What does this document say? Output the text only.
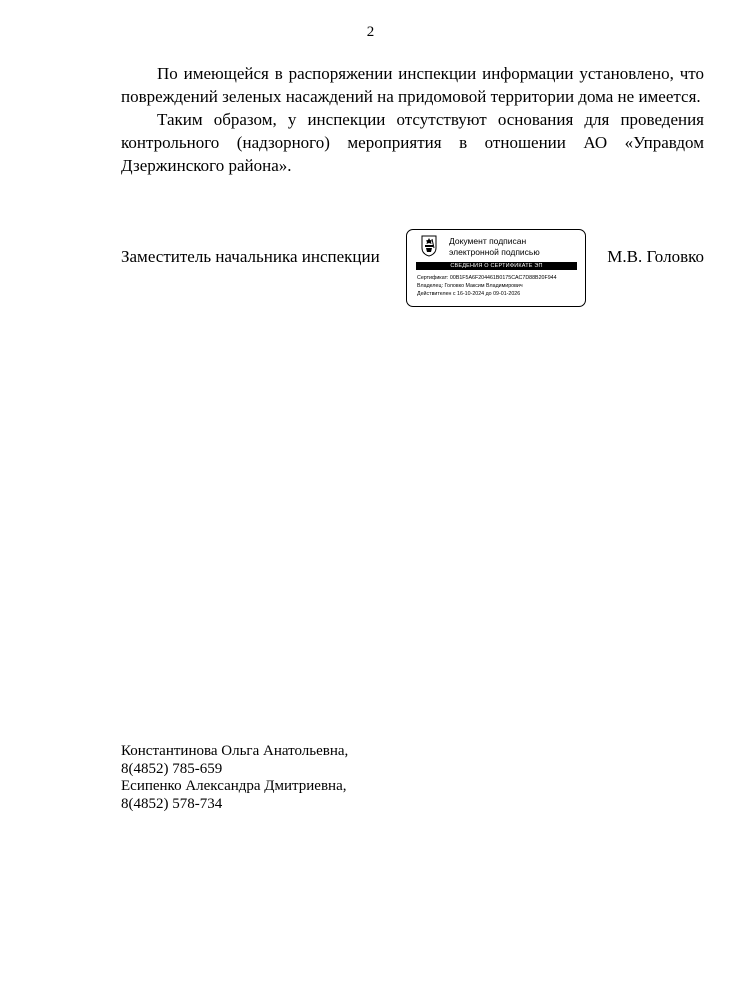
2

По имеющейся в распоряжении инспекции информации установлено, что повреждений зеленых насаждений на придомовой территории дома не имеется.

Таким образом, у инспекции отсутствуют основания для проведения контрольного (надзорного) мероприятия в отношении АО «Управдом Дзержинского района».

Заместитель начальника инспекции
Документ подписан
электронной подписью
СВЕДЕНИЯ О СЕРТИФИКАТЕ ЭП
Сертификат: 00B1F5A6F204461B0175CAC7D88B20F944
Владелец: Головко Максим Владимирович
Действителен с 16-10-2024 до 09-01-2026
М.В. Головко
Константинова Ольга Анатольевна,
8(4852) 785-659
Есипенко Александра Дмитриевна,
8(4852) 578-734
